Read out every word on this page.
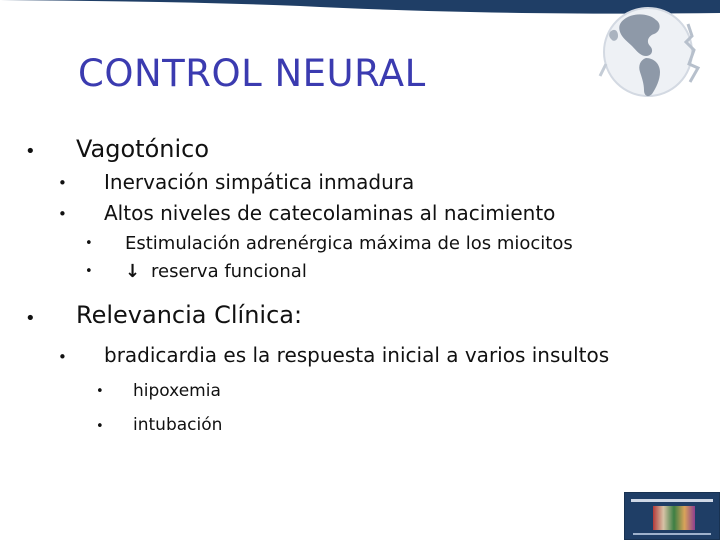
CONTROL NEURAL
• Vagotónico
• Inervación simpática inmadura
• Altos niveles de catecolaminas al nacimiento
• Estimulación adrenérgica máxima de los miocitos
• ↓ reserva funcional
• Relevancia Clínica:
• bradicardia es la respuesta inicial a varios insultos
• hipoxemia
• intubación
